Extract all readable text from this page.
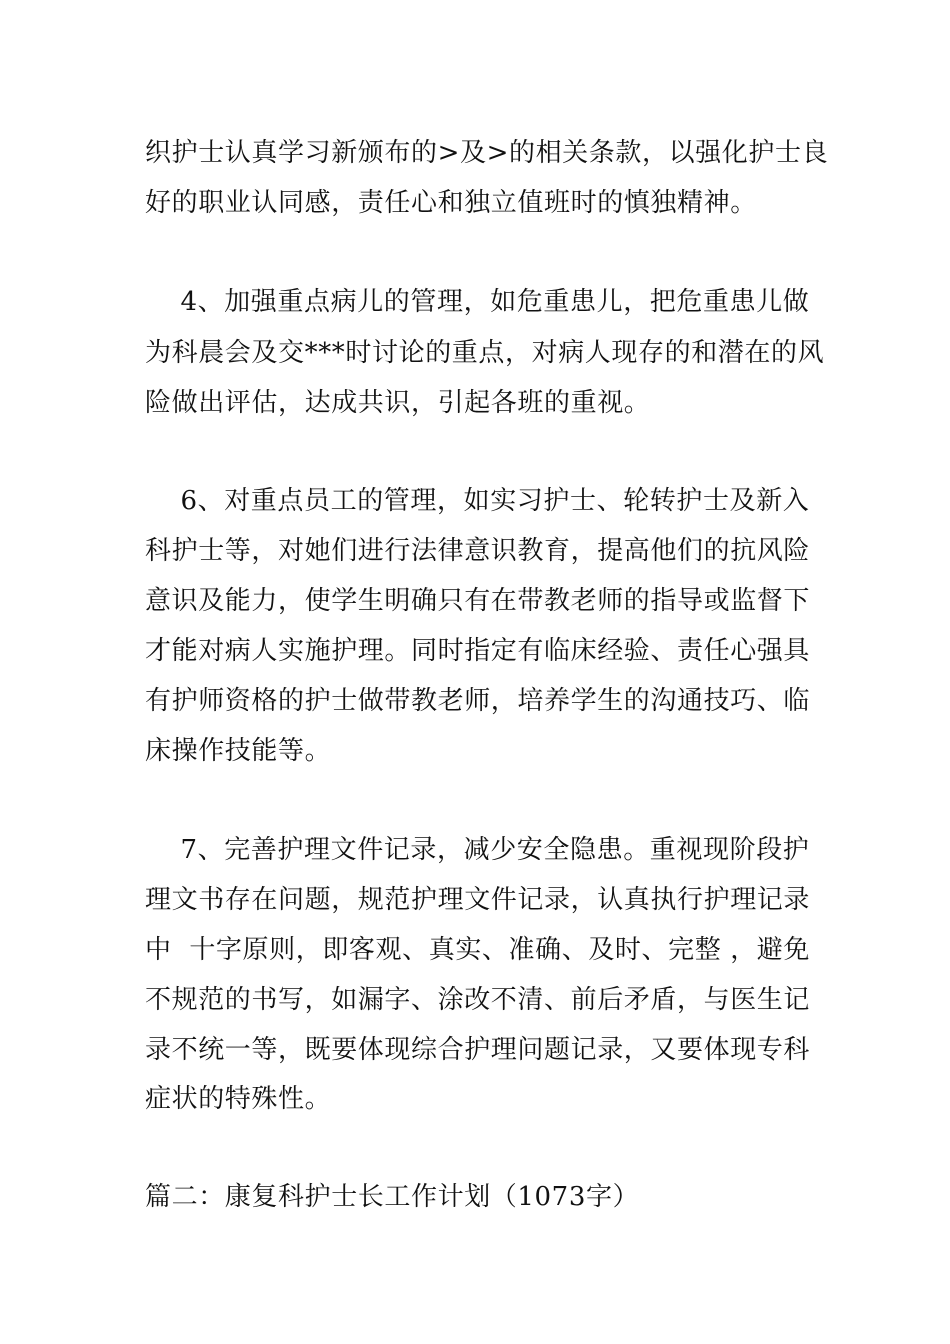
织护士认真学习新颁布的>及>的相关条款，以强化护士良
好的职业认同感，责任心和独立值班时的慎独精神。
4、加强重点病儿的管理，如危重患儿，把危重患儿做
为科晨会及交***时讨论的重点，对病人现存的和潜在的风
险做出评估，达成共识，引起各班的重视。
6、对重点员工的管理，如实习护士、轮转护士及新入
科护士等，对她们进行法律意识教育，提高他们的抗风险
意识及能力，使学生明确只有在带教老师的指导或监督下
才能对病人实施护理。同时指定有临床经验、责任心强具
有护师资格的护士做带教老师，培养学生的沟通技巧、临
床操作技能等。
7、完善护理文件记录，减少安全隐患。重视现阶段护
理文书存在问题，规范护理文件记录，认真执行护理记录
中  十字原则，即客观、真实、准确、及时、完整 ，避免
不规范的书写，如漏字、涂改不清、前后矛盾，与医生记
录不统一等，既要体现综合护理问题记录，又要体现专科
症状的特殊性。
篇二：康复科护士长工作计划（1073字）
